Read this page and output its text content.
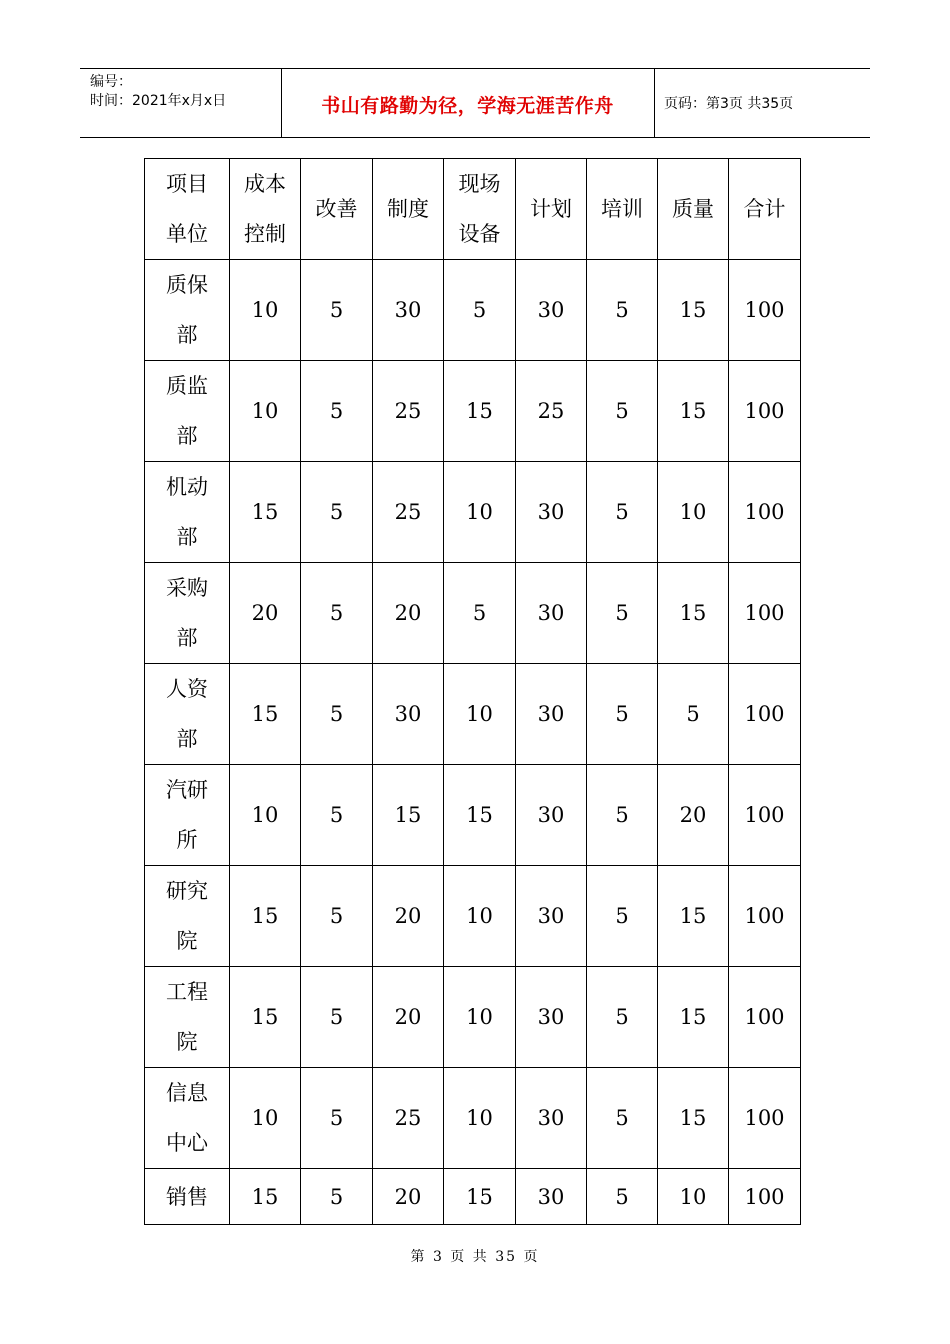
编号：
时间：2021年x月x日	书山有路勤为径，学海无涯苦作舟	页码：第3页 共35页
项目
单位	成本
控制	改善	制度	现场
设备	计划	培训	质量	合计

质保
部	10	5	30	5	30	5	15	100

质监
部	10	5	25	15	25	5	15	100

机动
部	15	5	25	10	30	5	10	100

采购
部	20	5	20	5	30	5	15	100

人资
部	15	5	30	10	30	5	5	100

汽研
所	10	5	15	15	30	5	20	100

研究
院	15	5	20	10	30	5	15	100

工程
院	15	5	20	10	30	5	15	100

信息
中心	10	5	25	10	30	5	15	100

销售	15	5	20	15	30	5	10	100
第 3 页 共 35 页
